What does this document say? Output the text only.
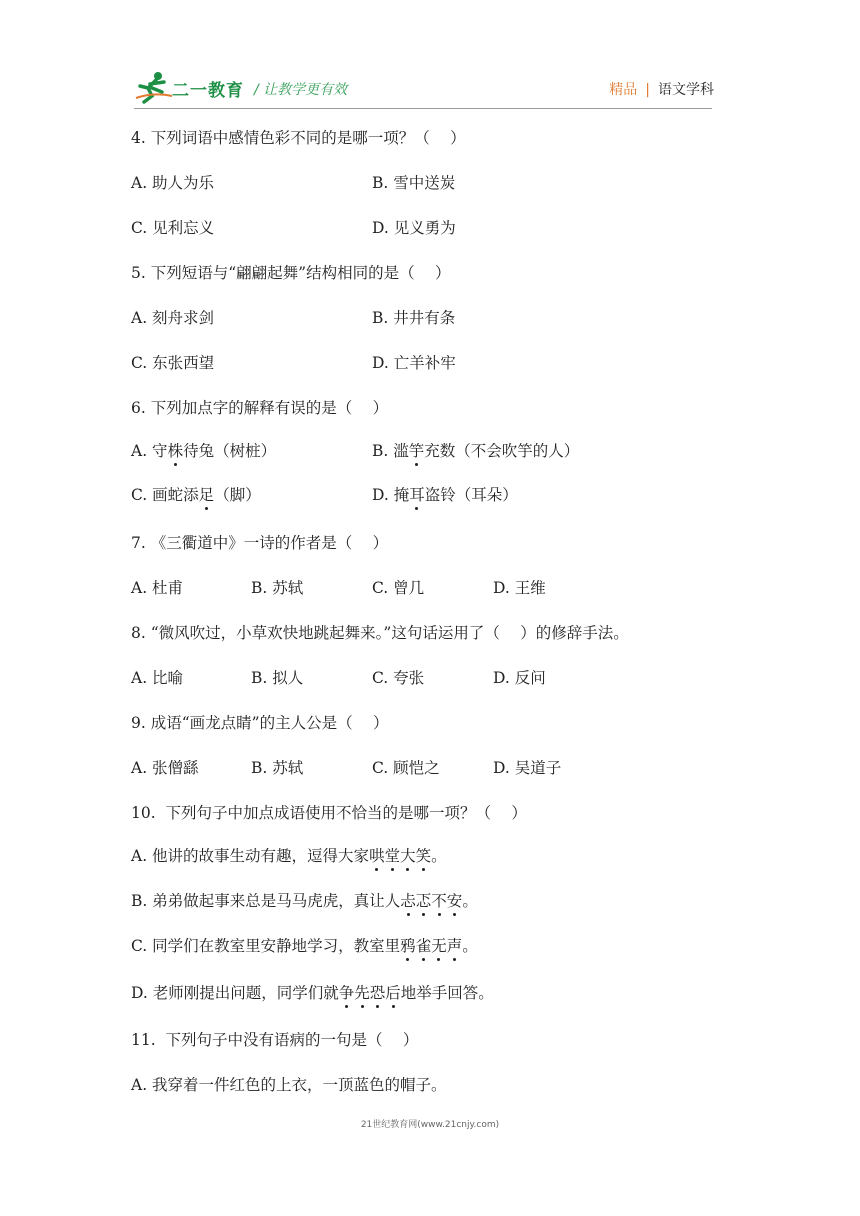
二一教育 / 让教学更有效	精品 | 语文学科
4. 下列词语中感情色彩不同的是哪一项？（　 ）
A. 助人为乐	B. 雪中送炭
C. 见利忘义	D. 见义勇为
5. 下列短语与“翩翩起舞”结构相同的是（　 ）
A. 刻舟求剑	B. 井井有条
C. 东张西望	D. 亡羊补牢
6. 下列加点字的解释有误的是（　 ）
A. 守株待兔（树桩）	B. 滥竽充数（不会吹竽的人）
C. 画蛇添足（脚）	D. 掩耳盗铃（耳朵）
7. 《三衢道中》一诗的作者是（　 ）
A. 杜甫	B. 苏轼	C. 曾几	D. 王维
8. “微风吹过，小草欢快地跳起舞来。”这句话运用了（　 ）的修辞手法。
A. 比喻	B. 拟人	C. 夸张	D. 反问
9. 成语“画龙点睛”的主人公是（　 ）
A. 张僧繇	B. 苏轼	C. 顾恺之	D. 吴道子
10.  下列句子中加点成语使用不恰当的是哪一项？（　 ）
A. 他讲的故事生动有趣，逗得大家哄堂大笑。
B. 弟弟做起事来总是马马虎虎，真让人忐忑不安。
C. 同学们在教室里安静地学习，教室里鸦雀无声。
D. 老师刚提出问题，同学们就争先恐后地举手回答。
11.  下列句子中没有语病的一句是（　 ）
A. 我穿着一件红色的上衣，一顶蓝色的帽子。
21世纪教育网(www.21cnjy.com)
